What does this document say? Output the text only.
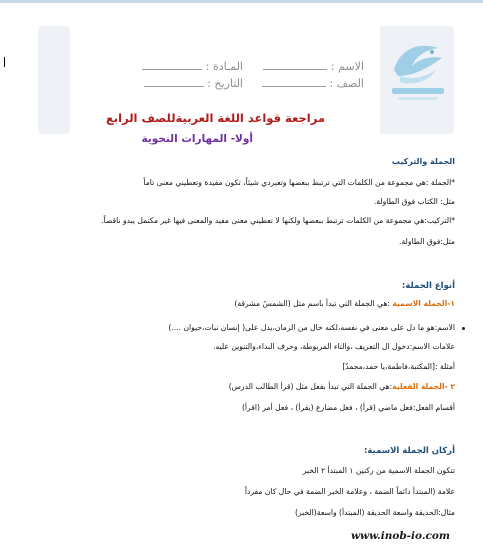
الاسم :
المـادة :
الصف :
التاريخ :
مراجعة قواعد اللغة العربيةللصف الرابع
أولا- المهارات النحوية
الجملة والتركيب
*الجملة :هي مجموعة من الكلمات التي ترتبط ببعضها وتعبردي شيئاً، تكون مفيدة وتعطيني معنى تاماً
مثل: الكتاب فوق الطاولة.
*التركيب:هي مجموعة من الكلمات ترتبط ببعضها ولكنها لا تعطيني معنى مفيد والمعنى فيها غير مكتمل يبدو ناقصاً.
مثل:فوق الطاولة.
أنواع الجملة:
١-الجملة الاسمية :هي الجملة التي تبدأ باسم مثل (الشمسُ مشرقة)
الاسم:هو ما دل على معنى في نفسه،لكنه خال من الزمان،يدل على( إنسان نبات،حيوان ....)
علامات الاسم:دخول ال التعريف ،والتاء المربوطة، وحرف النداء،والتنوين عليه.
أمثلة :[المكتبة،فاطمة،يا حمد،محمدٌ]
٢ -الجملة الفعلية:هي الجملة التي تبدأ بفعل مثل (قرأ الطالب الدرس)
أقسام الفعل:فعل ماضي (قرأ) ، فعل مضارع (يقرأ) ، فعل أمر (اقرأ)
أركان الجملة الاسمية:
تتكون الجملة الاسمية من ركنين ١ المبتدأ ٢ الخبر
علامة (المبتدأ دائماً الضمة ، وعلامة الخبر الضمة في حال كان مفرداً
مثال:الحديقة واسعة الحديقة (المبتدأ) واسعة(الخبر)
www.inob-io.com
